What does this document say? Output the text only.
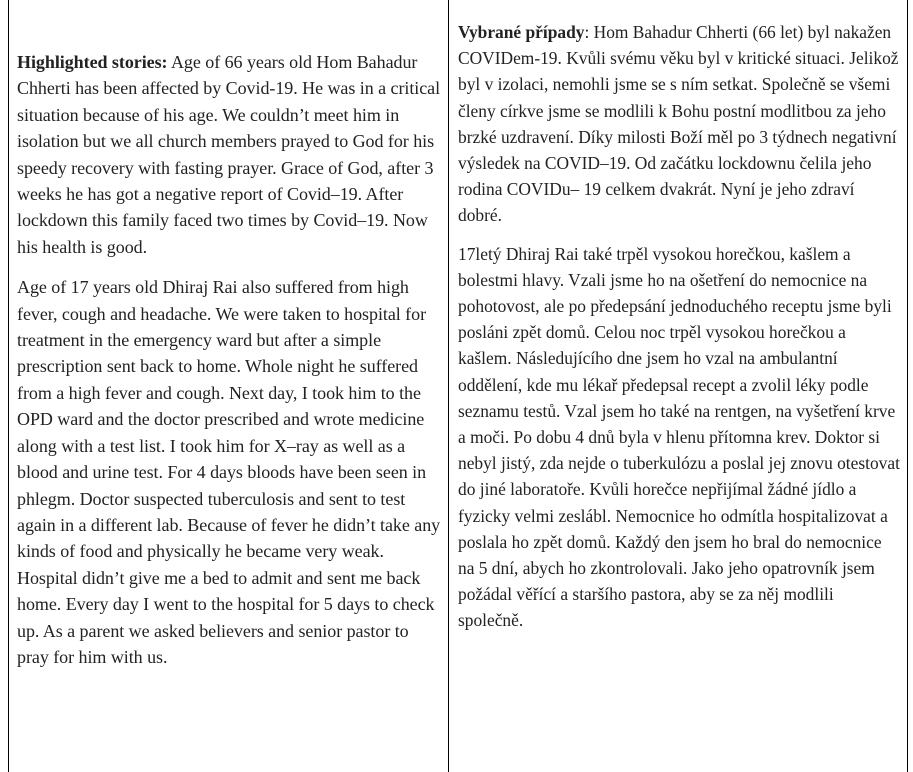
Highlighted stories: Age of 66 years old Hom Bahadur Chherti has been affected by Covid-19. He was in a critical situation because of his age. We couldn’t meet him in isolation but we all church members prayed to God for his speedy recovery with fasting prayer. Grace of God, after 3 weeks he has got a negative report of Covid–19. After lockdown this family faced two times by Covid–19. Now his health is good.

Age of 17 years old Dhiraj Rai also suffered from high fever, cough and headache. We were taken to hospital for treatment in the emergency ward but after a simple prescription sent back to home. Whole night he suffered from a high fever and cough. Next day, I took him to the OPD ward and the doctor prescribed and wrote medicine along with a test list. I took him for X–ray as well as a blood and urine test. For 4 days bloods have been seen in phlegm. Doctor suspected tuberculosis and sent to test again in a different lab. Because of fever he didn’t take any kinds of food and physically he became very weak. Hospital didn’t give me a bed to admit and sent me back home. Every day I went to the hospital for 5 days to check up. As a parent we asked believers and senior pastor to pray for him with us.

Vybrané případy: Hom Bahadur Chherti (66 let) byl nakažen COVIDem-19. Kvůli svému věku byl v kritické situaci. Jelikož byl v izolaci, nemohli jsme se s ním setkat. Společně se všemi členy církve jsme se modlili k Bohu postní modlitbou za jeho brzké uzdravení. Díky milosti Boží měl po 3 týdnech negativní výsledek na COVID–19. Od začátku lockdownu čelila jeho rodina COVIDu– 19 celkem dvakrát. Nyní je jeho zdraví dobré.

17letý Dhiraj Rai také trpěl vysokou horečkou, kašlem a bolestmi hlavy. Vzali jsme ho na ošetření do nemocnice na pohotovost, ale po předepsání jednoduchého receptu jsme byli posláni zpět domů. Celou noc trpěl vysokou horečkou a kašlem. Následujícího dne jsem ho vzal na ambulantní oddělení, kde mu lékař předepsal recept a zvolil léky podle seznamu testů. Vzal jsem ho také na rentgen, na vyšetření krve a moči. Po dobu 4 dnů byla v hlenu přítomna krev. Doktor si nebyl jistý, zda nejde o tuberkulózu a poslal jej znovu otestovat do jiné laboratoře. Kvůli horečce nepřijímal žádné jídlo a fyzicky velmi zeslábl. Nemocnice ho odmítla hospitalizovat a poslala ho zpět domů. Každý den jsem ho bral do nemocnice na 5 dní, abych ho zkontrolovali. Jako jeho opatrovník jsem požádal věřící a staršího pastora, aby se za něj modlili společně.
